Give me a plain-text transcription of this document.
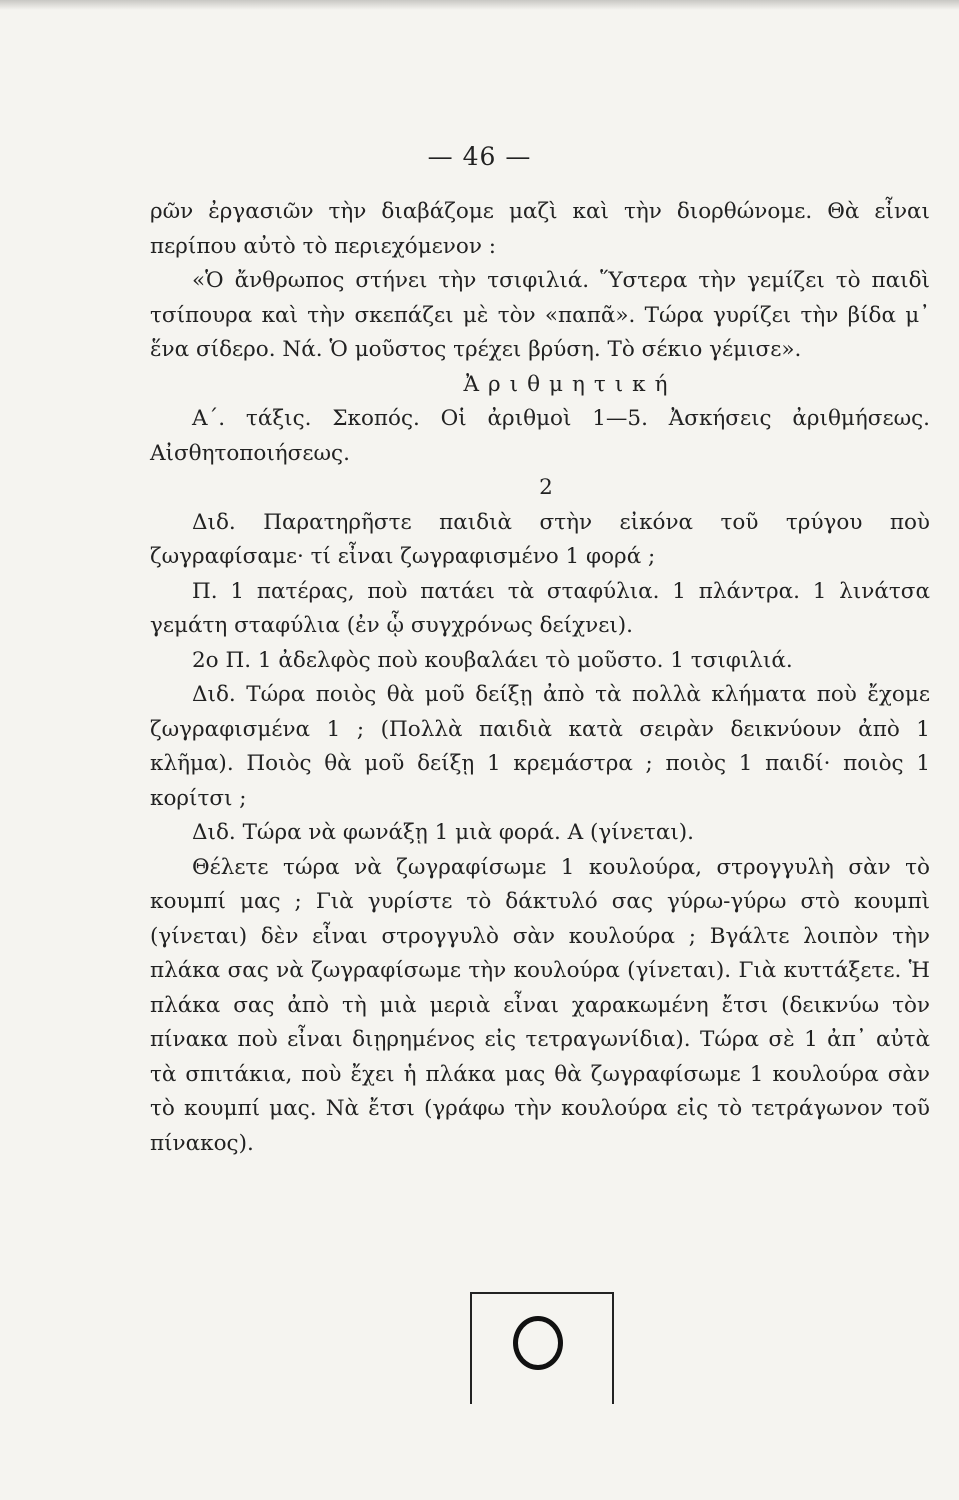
— 46 —

ρῶν ἐργασιῶν τὴν διαβάζομε μαζὶ καὶ τὴν διορθώνομε. Θὰ εἶναι περίπου αὐτὸ τὸ περιεχόμενον :

«Ὁ ἄνθρωπος στήνει τὴν τσιφιλιά. Ὕστερα τὴν γεμίζει τὸ παιδὶ τσίπουρα καὶ τὴν σκεπάζει μὲ τὸν «παπᾶ». Τώρα γυρίζει τὴν βίδα μ᾿ ἕνα σίδερο. Νά. Ὁ μοῦστος τρέχει βρύση. Τὸ σέκιο γέμισε».

Ἀριθμητική

Α΄. τάξις. Σκοπός. Οἱ ἀριθμοὶ 1—5. Ἀσκήσεις ἀριθμήσεως. Αἰσθητοποιήσεως.

2

Διδ. Παρατηρῆστε παιδιὰ στὴν εἰκόνα τοῦ τρύγου ποὺ ζωγραφίσαμε· τί εἶναι ζωγραφισμένο 1 φορά ;

Π. 1 πατέρας, ποὺ πατάει τὰ σταφύλια. 1 πλάντρα. 1 λινάτσα γεμάτη σταφύλια (ἐν ᾧ συγχρόνως δείχνει).

2ο Π. 1 ἀδελφὸς ποὺ κουβαλάει τὸ μοῦστο. 1 τσιφιλιά.

Διδ. Τώρα ποιὸς θὰ μοῦ δείξῃ ἀπὸ τὰ πολλὰ κλήματα ποὺ ἔχομε ζωγραφισμένα 1 ; (Πολλὰ παιδιὰ κατὰ σειρὰν δεικνύουν ἀπὸ 1 κλῆμα). Ποιὸς θὰ μοῦ δείξῃ 1 κρεμάστρα ; ποιὸς 1 παιδί· ποιὸς 1 κορίτσι ;

Διδ. Τώρα νὰ φωνάξῃ 1 μιὰ φορά. Α (γίνεται).

Θέλετε τώρα νὰ ζωγραφίσωμε 1 κουλούρα, στρογγυλὴ σὰν τὸ κουμπί μας ; Γιὰ γυρίστε τὸ δάκτυλό σας γύρω-γύρω στὸ κουμπὶ (γίνεται) δὲν εἶναι στρογγυλὸ σὰν κουλούρα ; Βγάλτε λοιπὸν τὴν πλάκα σας νὰ ζωγραφίσωμε τὴν κουλούρα (γίνεται). Γιὰ κυττάξετε. Ἡ πλάκα σας ἀπὸ τὴ μιὰ μεριὰ εἶναι χαρακωμένη ἔτσι (δεικνύω τὸν πίνακα ποὺ εἶναι διῃρημένος εἰς τετραγωνίδια). Τώρα σὲ 1 ἀπ᾿ αὐτὰ τὰ σπιτάκια, ποὺ ἔχει ἡ πλάκα μας θὰ ζωγραφίσωμε 1 κουλούρα σὰν τὸ κουμπί μας. Νὰ ἔτσι (γράφω τὴν κουλούρα εἰς τὸ τετράγωνον τοῦ πίνακος).
